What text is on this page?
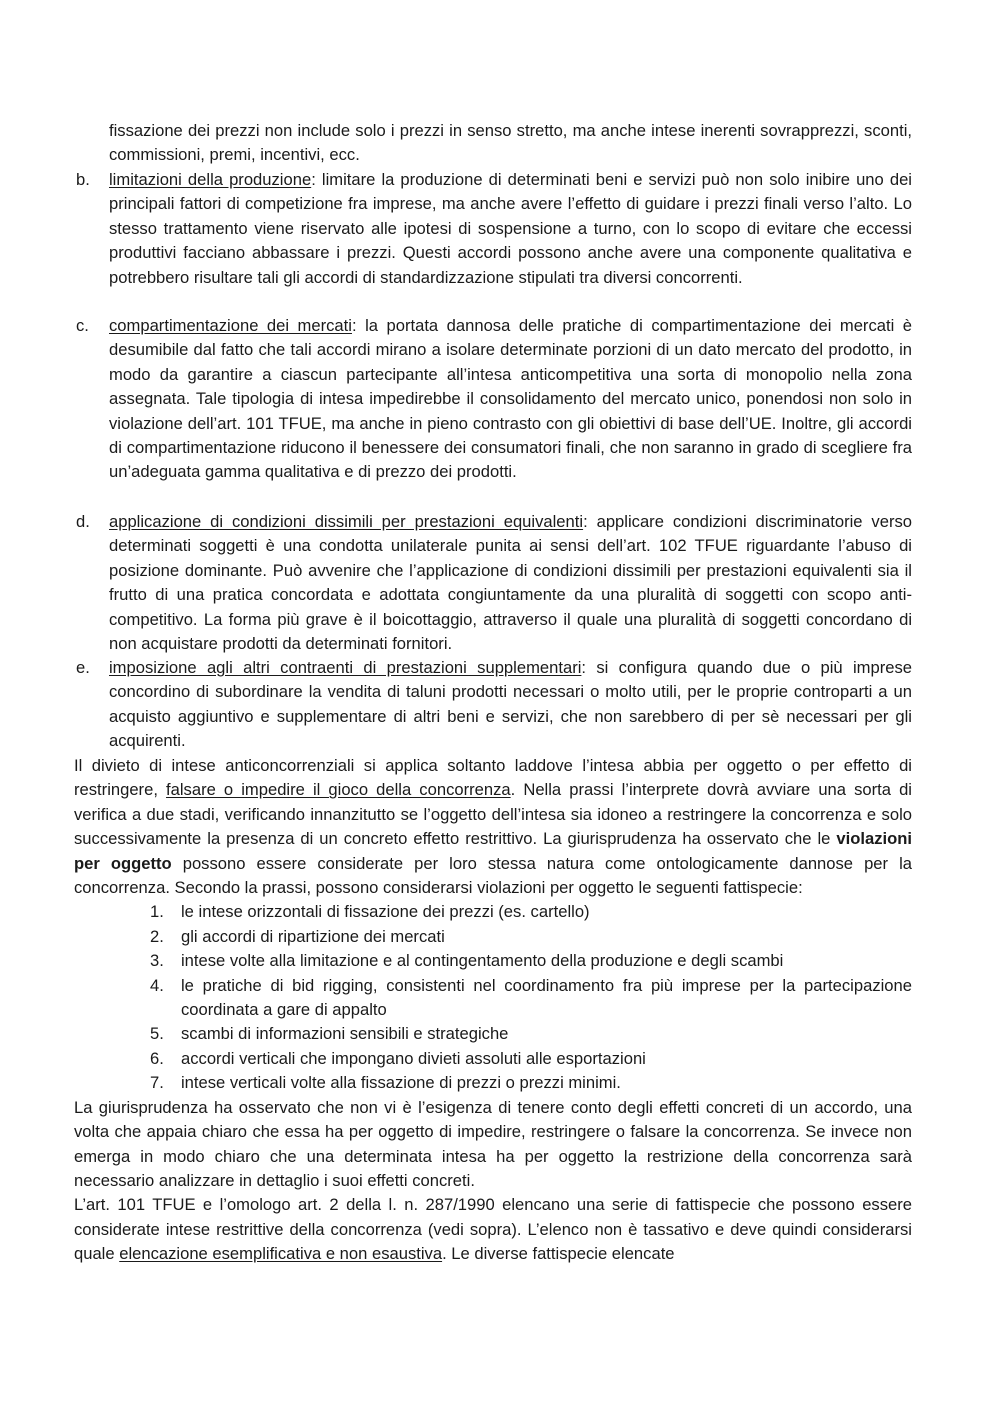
fissazione dei prezzi non include solo i prezzi in senso stretto, ma anche intese inerenti sovrapprezzi, sconti, commissioni, premi, incentivi, ecc.

b.	limitazioni della produzione: limitare la produzione di determinati beni e servizi può non solo inibire uno dei principali fattori di competizione fra imprese, ma anche avere l’effetto di guidare i prezzi finali verso l’alto. Lo stesso trattamento viene riservato alle ipotesi di sospensione a turno, con lo scopo di evitare che eccessi produttivi facciano abbassare i prezzi. Questi accordi possono anche avere una componente qualitativa e potrebbero risultare tali gli accordi di standardizzazione stipulati tra diversi concorrenti.
c.	compartimentazione dei mercati: la portata dannosa delle pratiche di compartimentazione dei mercati è desumibile dal fatto che tali accordi mirano a isolare determinate porzioni di un dato mercato del prodotto, in modo da garantire a ciascun partecipante all’intesa anticompetitiva una sorta di monopolio nella zona assegnata. Tale tipologia di intesa impedirebbe il consolidamento del mercato unico, ponendosi non solo in violazione dell’art. 101 TFUE, ma anche in pieno contrasto con gli obiettivi di base dell’UE. Inoltre, gli accordi di compartimentazione riducono il benessere dei consumatori finali, che non saranno in grado di scegliere fra un’adeguata gamma qualitativa e di prezzo dei prodotti.
d.	applicazione di condizioni dissimili per prestazioni equivalenti: applicare condizioni discriminatorie verso determinati soggetti è una condotta unilaterale punita ai sensi dell’art. 102 TFUE riguardante l’abuso di posizione dominante. Può avvenire che l’applicazione di condizioni dissimili per prestazioni equivalenti sia il frutto di una pratica concordata e adottata congiuntamente da una pluralità di soggetti con scopo anti-competitivo. La forma più grave è il boicottaggio, attraverso il quale una pluralità di soggetti concordano di non acquistare prodotti da determinati fornitori.
e.	imposizione agli altri contraenti di prestazioni supplementari: si configura quando due o più imprese concordino di subordinare la vendita di taluni prodotti necessari o molto utili, per le proprie controparti a un acquisto aggiuntivo e supplementare di altri beni e servizi, che non sarebbero di per sè necessari per gli acquirenti.

Il divieto di intese anticoncorrenziali si applica soltanto laddove l’intesa abbia per oggetto o per effetto di restringere, falsare o impedire il gioco della concorrenza. Nella prassi l’interprete dovrà avviare una sorta di verifica a due stadi, verificando innanzitutto se l’oggetto dell’intesa sia idoneo a restringere la concorrenza e solo successivamente la presenza di un concreto effetto restrittivo. La giurisprudenza ha osservato che le violazioni per oggetto possono essere considerate per loro stessa natura come ontologicamente dannose per la concorrenza. Secondo la prassi, possono considerarsi violazioni per oggetto le seguenti fattispecie:

1. le intese orizzontali di fissazione dei prezzi (es. cartello)
2. gli accordi di ripartizione dei mercati
3. intese volte alla limitazione e al contingentamento della produzione e degli scambi
4. le pratiche di bid rigging, consistenti nel coordinamento fra più imprese per la partecipazione coordinata a gare di appalto
5. scambi di informazioni sensibili e strategiche
6. accordi verticali che impongano divieti assoluti alle esportazioni
7. intese verticali volte alla fissazione di prezzi o prezzi minimi.

La giurisprudenza ha osservato che non vi è l’esigenza di tenere conto degli effetti concreti di un accordo, una volta che appaia chiaro che essa ha per oggetto di impedire, restringere o falsare la concorrenza. Se invece non emerga in modo chiaro che una determinata intesa ha per oggetto la restrizione della concorrenza sarà necessario analizzare in dettaglio i suoi effetti concreti.

L’art. 101 TFUE e l’omologo art. 2 della l. n. 287/1990 elencano una serie di fattispecie che possono essere considerate intese restrittive della concorrenza (vedi sopra). L’elenco non è tassativo e deve quindi considerarsi quale elencazione esemplificativa e non esaustiva. Le diverse fattispecie elencate
